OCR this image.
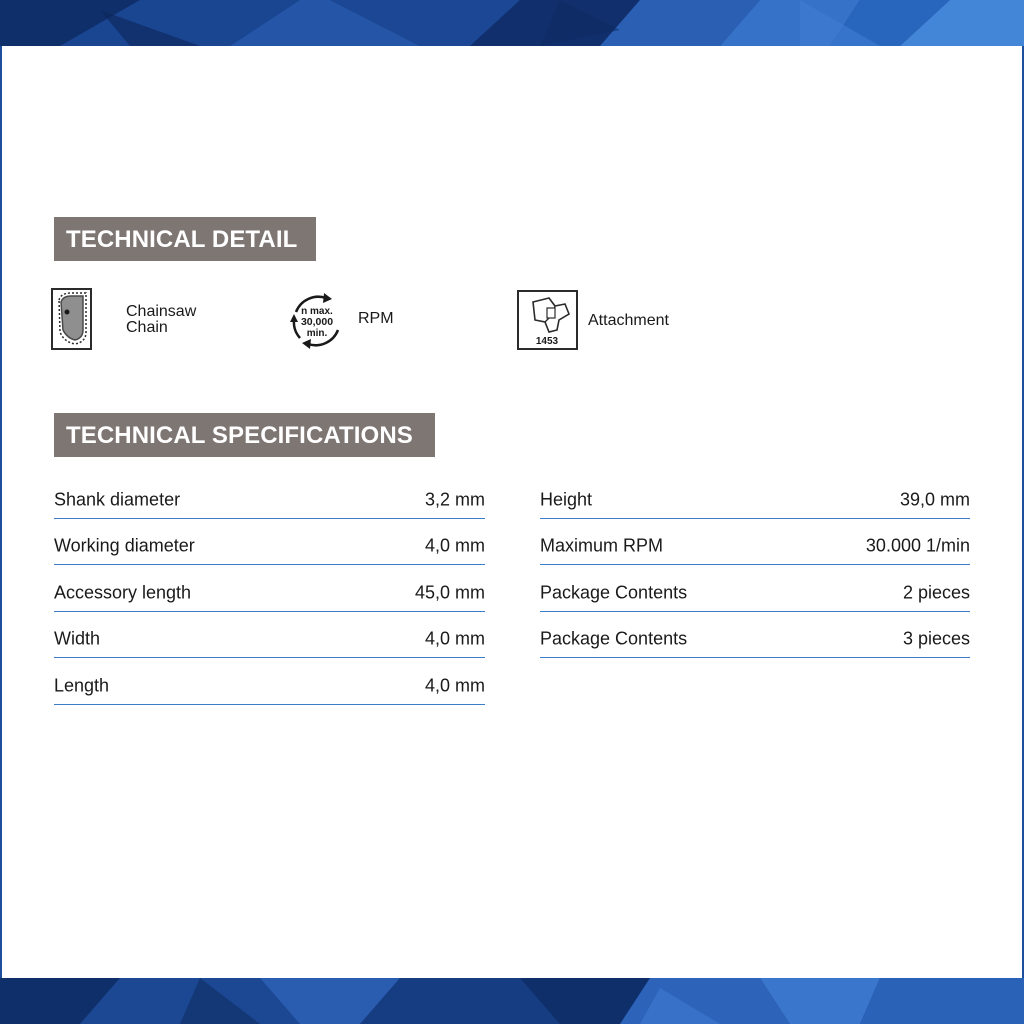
TECHNICAL DETAIL
Chainsaw
Chain
n max.
30,000
min.
RPM
1453
Attachment
TECHNICAL SPECIFICATIONS
Shank diameter	3,2 mm
Working diameter	4,0 mm
Accessory length	45,0 mm
Width	4,0 mm
Length	4,0 mm
Height	39,0 mm
Maximum RPM	30.000 1/min
Package Contents	2 pieces
Package Contents	3 pieces
